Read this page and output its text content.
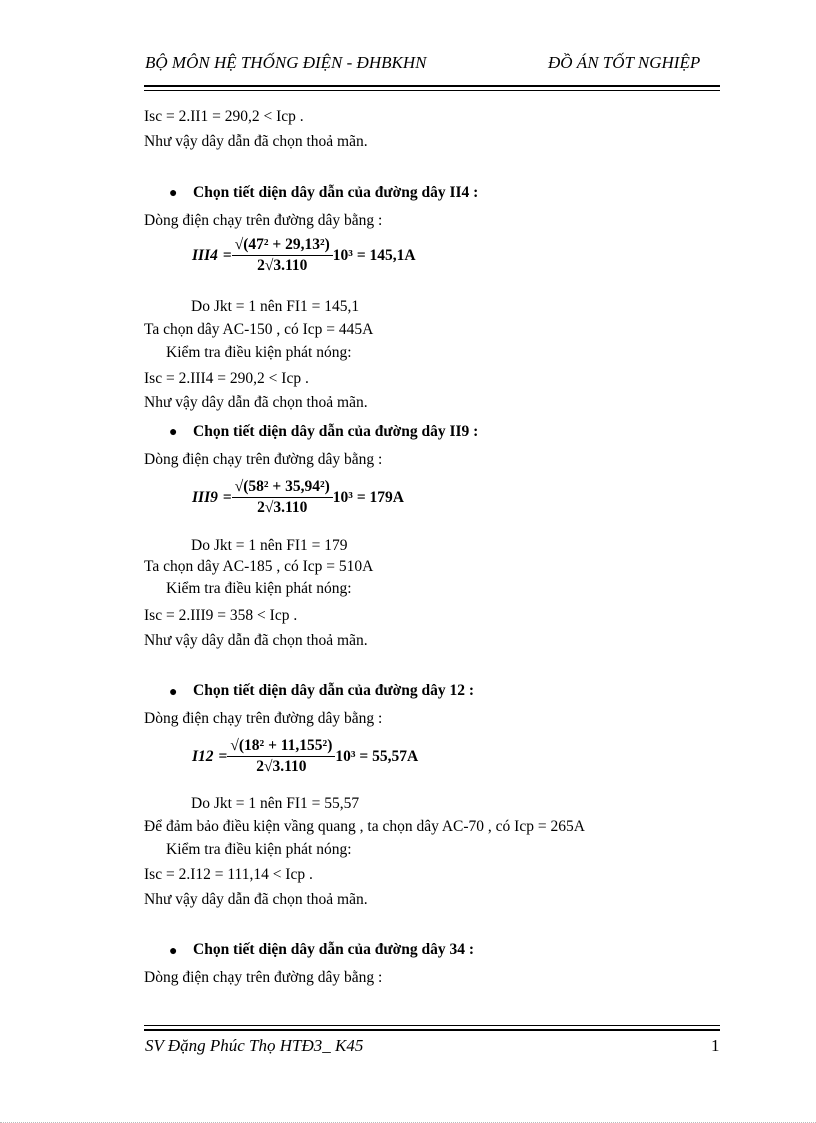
BỘ MÔN HỆ THỐNG ĐIỆN - ĐHBKHN	ĐỒ ÁN TỐT NGHIỆP
Isc = 2.II1 = 290,2 < Icp .
Như vậy dây dẫn đã chọn thoả mãn.
● Chọn tiết diện dây dẫn của đường dây II4 :
Dòng điện chạy trên đường dây bằng :
$III4 = \frac{\text{√(47² + 29,13²)}}{2√3.110} 10^3 = 145,1A$
Do Jkt = 1 nên FI1 = 145,1
Ta chọn dây AC-150 , có Icp = 445A
Kiểm tra điều kiện phát nóng:
Isc = 2.III4 = 290,2 < Icp .
Như vậy dây dẫn đã chọn thoả mãn.
● Chọn tiết diện dây dẫn của đường dây II9 :
Dòng điện chạy trên đường dây bằng :
$III9 = \frac{\text{√(58² + 35,94²)}}{2√3.110} 10^3 = 179A$
Do Jkt = 1 nên FI1 = 179
Ta chọn dây AC-185 , có Icp = 510A
Kiểm tra điều kiện phát nóng:
Isc = 2.III9 = 358 < Icp .
Như vậy dây dẫn đã chọn thoả mãn.
● Chọn tiết diện dây dẫn của đường dây 12 :
Dòng điện chạy trên đường dây bằng :
$I12 = \frac{\text{√(18² + 11,155²)}}{2√3.110} 10^3 = 55,57A$
Do Jkt = 1 nên FI1 = 55,57
Để đảm bảo điều kiện vầng quang , ta chọn dây AC-70 , có Icp = 265A
Kiểm tra điều kiện phát nóng:
Isc = 2.I12 = 111,14 < Icp .
Như vậy dây dẫn đã chọn thoả mãn.
● Chọn tiết diện dây dẫn của đường dây 34 :
Dòng điện chạy trên đường dây bằng :
SV Đặng Phúc Thọ HTĐ3_ K45	1
